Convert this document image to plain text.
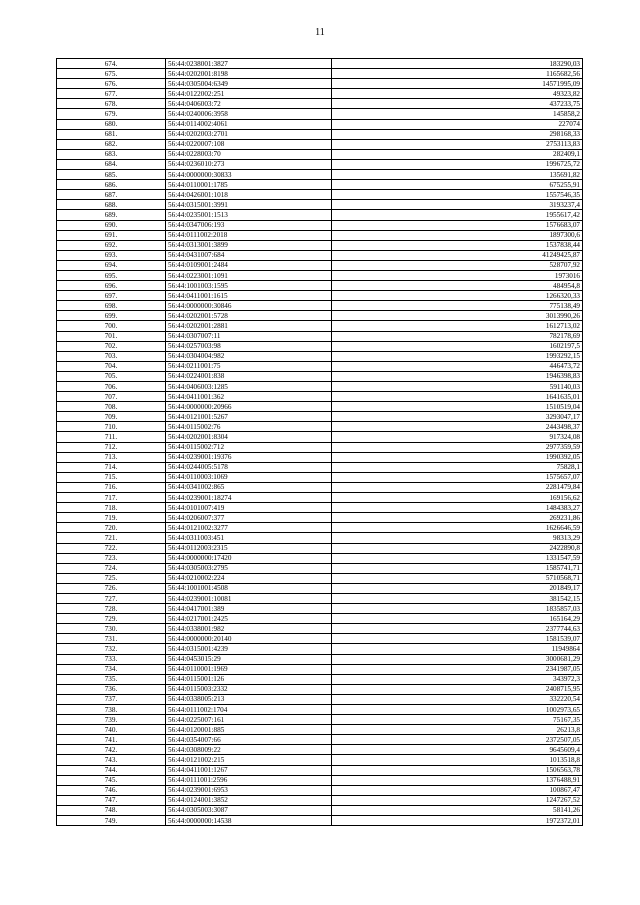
11
674.	56:44:0238001:3827	183290,03
675.	56:44:0202001:8198	1165682,56
676.	56:44:0305004:6349	14571995,09
677.	56:44:0122002:251	49323,82
678.	56:44:0406003:72	437233,75
679.	56:44:0240006:3958	145858,2
680.	56:44:0114002:4061	227074
681.	56:44:0202003:2701	298168,33
682.	56:44:0220007:108	2753113,83
683.	56:44:0228003:70	282409,1
684.	56:44:0236010:273	1996725,72
685.	56:44:0000000:30833	135691,82
686.	56:44:0110001:1785	675255,91
687.	56:44:0426001:1018	1557546,35
688.	56:44:0315001:3991	3193237,4
689.	56:44:0235001:1513	1955617,42
690.	56:44:0347006:193	1576683,07
691.	56:44:0111002:2018	1897300,6
692.	56:44:0313001:3899	1537838,44
693.	56:44:0431007:684	41249425,87
694.	56:44:0109001:2484	528707,92
695.	56:44:0223001:1091	1973016
696.	56:44:1001003:1595	484954,8
697.	56:44:0411001:1615	1266320,33
698.	56:44:0000000:30846	775138,49
699.	56:44:0202001:5728	3013990,26
700.	56:44:0202001:2881	1612713,02
701.	56:44:0307007:11	782178,69
702.	56:44:0257003:98	1602197,5
703.	56:44:0304004:982	1993292,15
704.	56:44:0211001:75	446473,72
705.	56:44:0224001:838	1946398,83
706.	56:44:0406003:1285	591140,03
707.	56:44:0411001:362	1641635,01
708.	56:44:0000000:20966	1510519,04
709.	56:44:0121001:5267	3293047,17
710.	56:44:0115002:76	2443498,37
711.	56:44:0202001:8304	917324,08
712.	56:44:0115002:712	2977359,59
713.	56:44:0239001:19376	1990392,05
714.	56:44:0244005:5178	75828,1
715.	56:44:0110003:1069	1575657,07
716.	56:44:0341002:865	2281479,84
717.	56:44:0239001:18274	169156,62
718.	56:44:0101007:419	1484383,27
719.	56:44:0206007:377	269231,86
720.	56:44:0121002:3277	1626646,59
721.	56:44:0311003:451	98313,29
722.	56:44:0112003:2315	2422890,8
723.	56:44:0000000:17420	1331547,59
724.	56:44:0305003:2795	1585741,71
725.	56:44:0210002:224	5710568,71
726.	56:44:1001001:4508	201849,17
727.	56:44:0239001:10081	381542,15
728.	56:44:0417001:389	1835857,03
729.	56:44:0217001:2425	165164,29
730.	56:44:0338001:982	2377744,63
731.	56:44:0000000:20140	1581539,07
732.	56:44:0315001:4239	11949864
733.	56:44:0453015:29	3000681,29
734.	56:44:0110001:1969	2341987,05
735.	56:44:0115001:126	343972,3
736.	56:44:0115003:2332	2408715,95
737.	56:44:0338005:213	332220,54
738.	56:44:0111002:1704	1002973,65
739.	56:44:0225007:161	75167,35
740.	56:44:0120001:885	26213,8
741.	56:44:0354007:66	2372507,05
742.	56:44:0308009:22	9645609,4
743.	56:44:0121002:215	1013518,8
744.	56:44:0411001:1267	1506563,78
745.	56:44:0111001:2596	1376488,91
746.	56:44:0239001:6953	100867,47
747.	56:44:0124001:3852	1247267,52
748.	56:44:0305003:3087	58141,26
749.	56:44:0000000:14538	1972372,01
